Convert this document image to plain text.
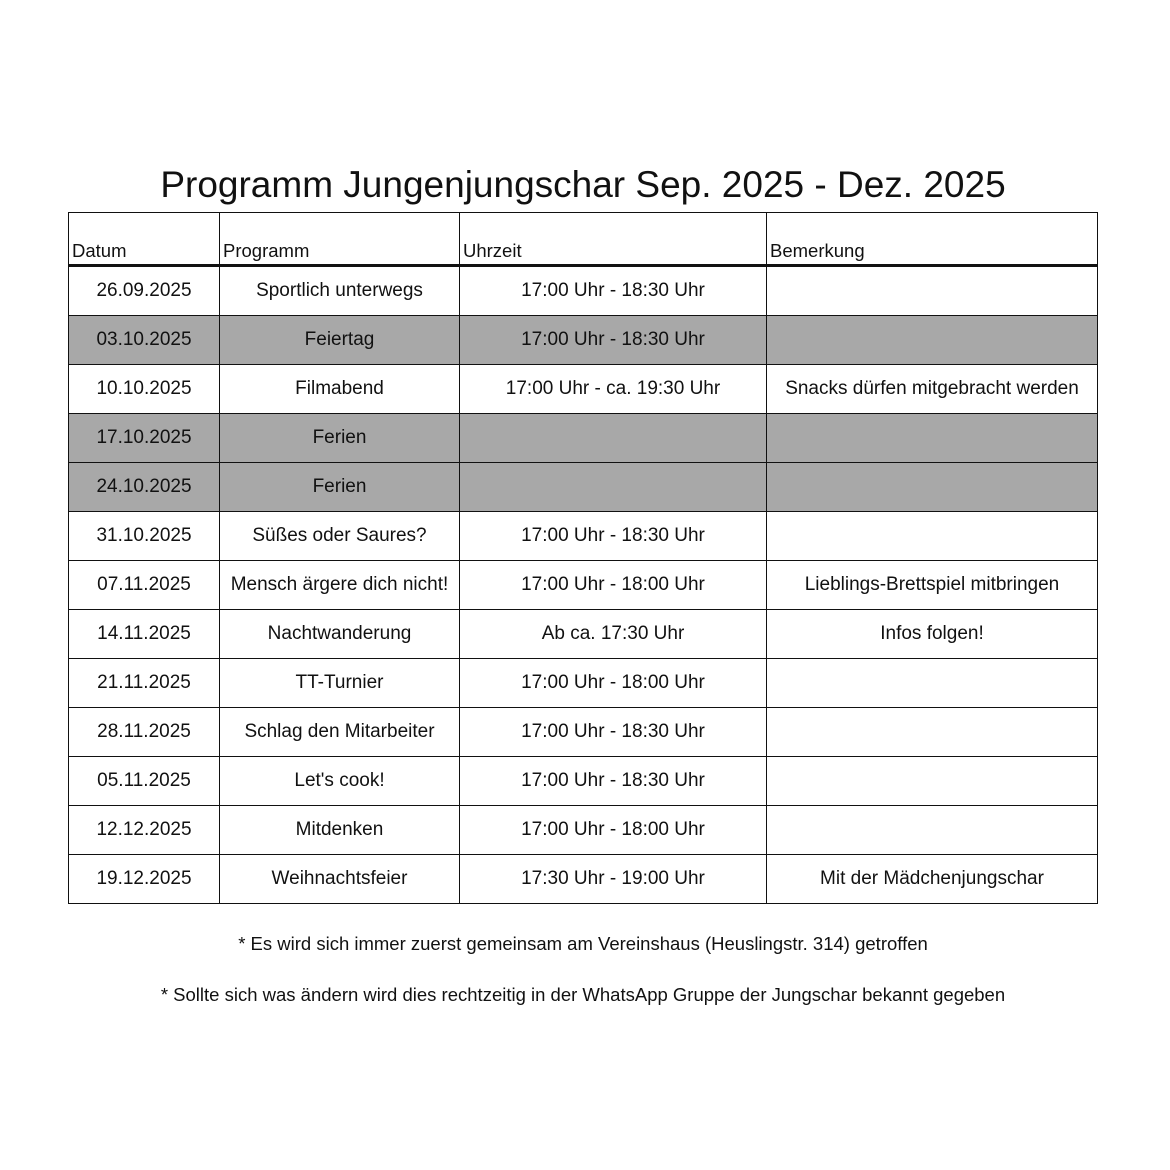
Programm Jungenjungschar Sep. 2025 - Dez. 2025
Datum	Programm	Uhrzeit	Bemerkung
26.09.2025	Sportlich unterwegs	17:00 Uhr - 18:30 Uhr	
03.10.2025	Feiertag	17:00 Uhr - 18:30 Uhr	
10.10.2025	Filmabend	17:00 Uhr - ca. 19:30 Uhr	Snacks dürfen mitgebracht werden
17.10.2025	Ferien		
24.10.2025	Ferien		
31.10.2025	Süßes oder Saures?	17:00 Uhr - 18:30 Uhr	
07.11.2025	Mensch ärgere dich nicht!	17:00 Uhr - 18:00 Uhr	Lieblings-Brettspiel mitbringen
14.11.2025	Nachtwanderung	Ab ca. 17:30 Uhr	Infos folgen!
21.11.2025	TT-Turnier	17:00 Uhr - 18:00 Uhr	
28.11.2025	Schlag den Mitarbeiter	17:00 Uhr - 18:30 Uhr	
05.11.2025	Let's cook!	17:00 Uhr - 18:30 Uhr	
12.12.2025	Mitdenken	17:00 Uhr - 18:00 Uhr	
19.12.2025	Weihnachtsfeier	17:30 Uhr - 19:00 Uhr	Mit der Mädchenjungschar
* Es wird sich immer zuerst gemeinsam am Vereinshaus (Heuslingstr. 314) getroffen
* Sollte sich was ändern wird dies rechtzeitig in der WhatsApp Gruppe der Jungschar bekannt gegeben
